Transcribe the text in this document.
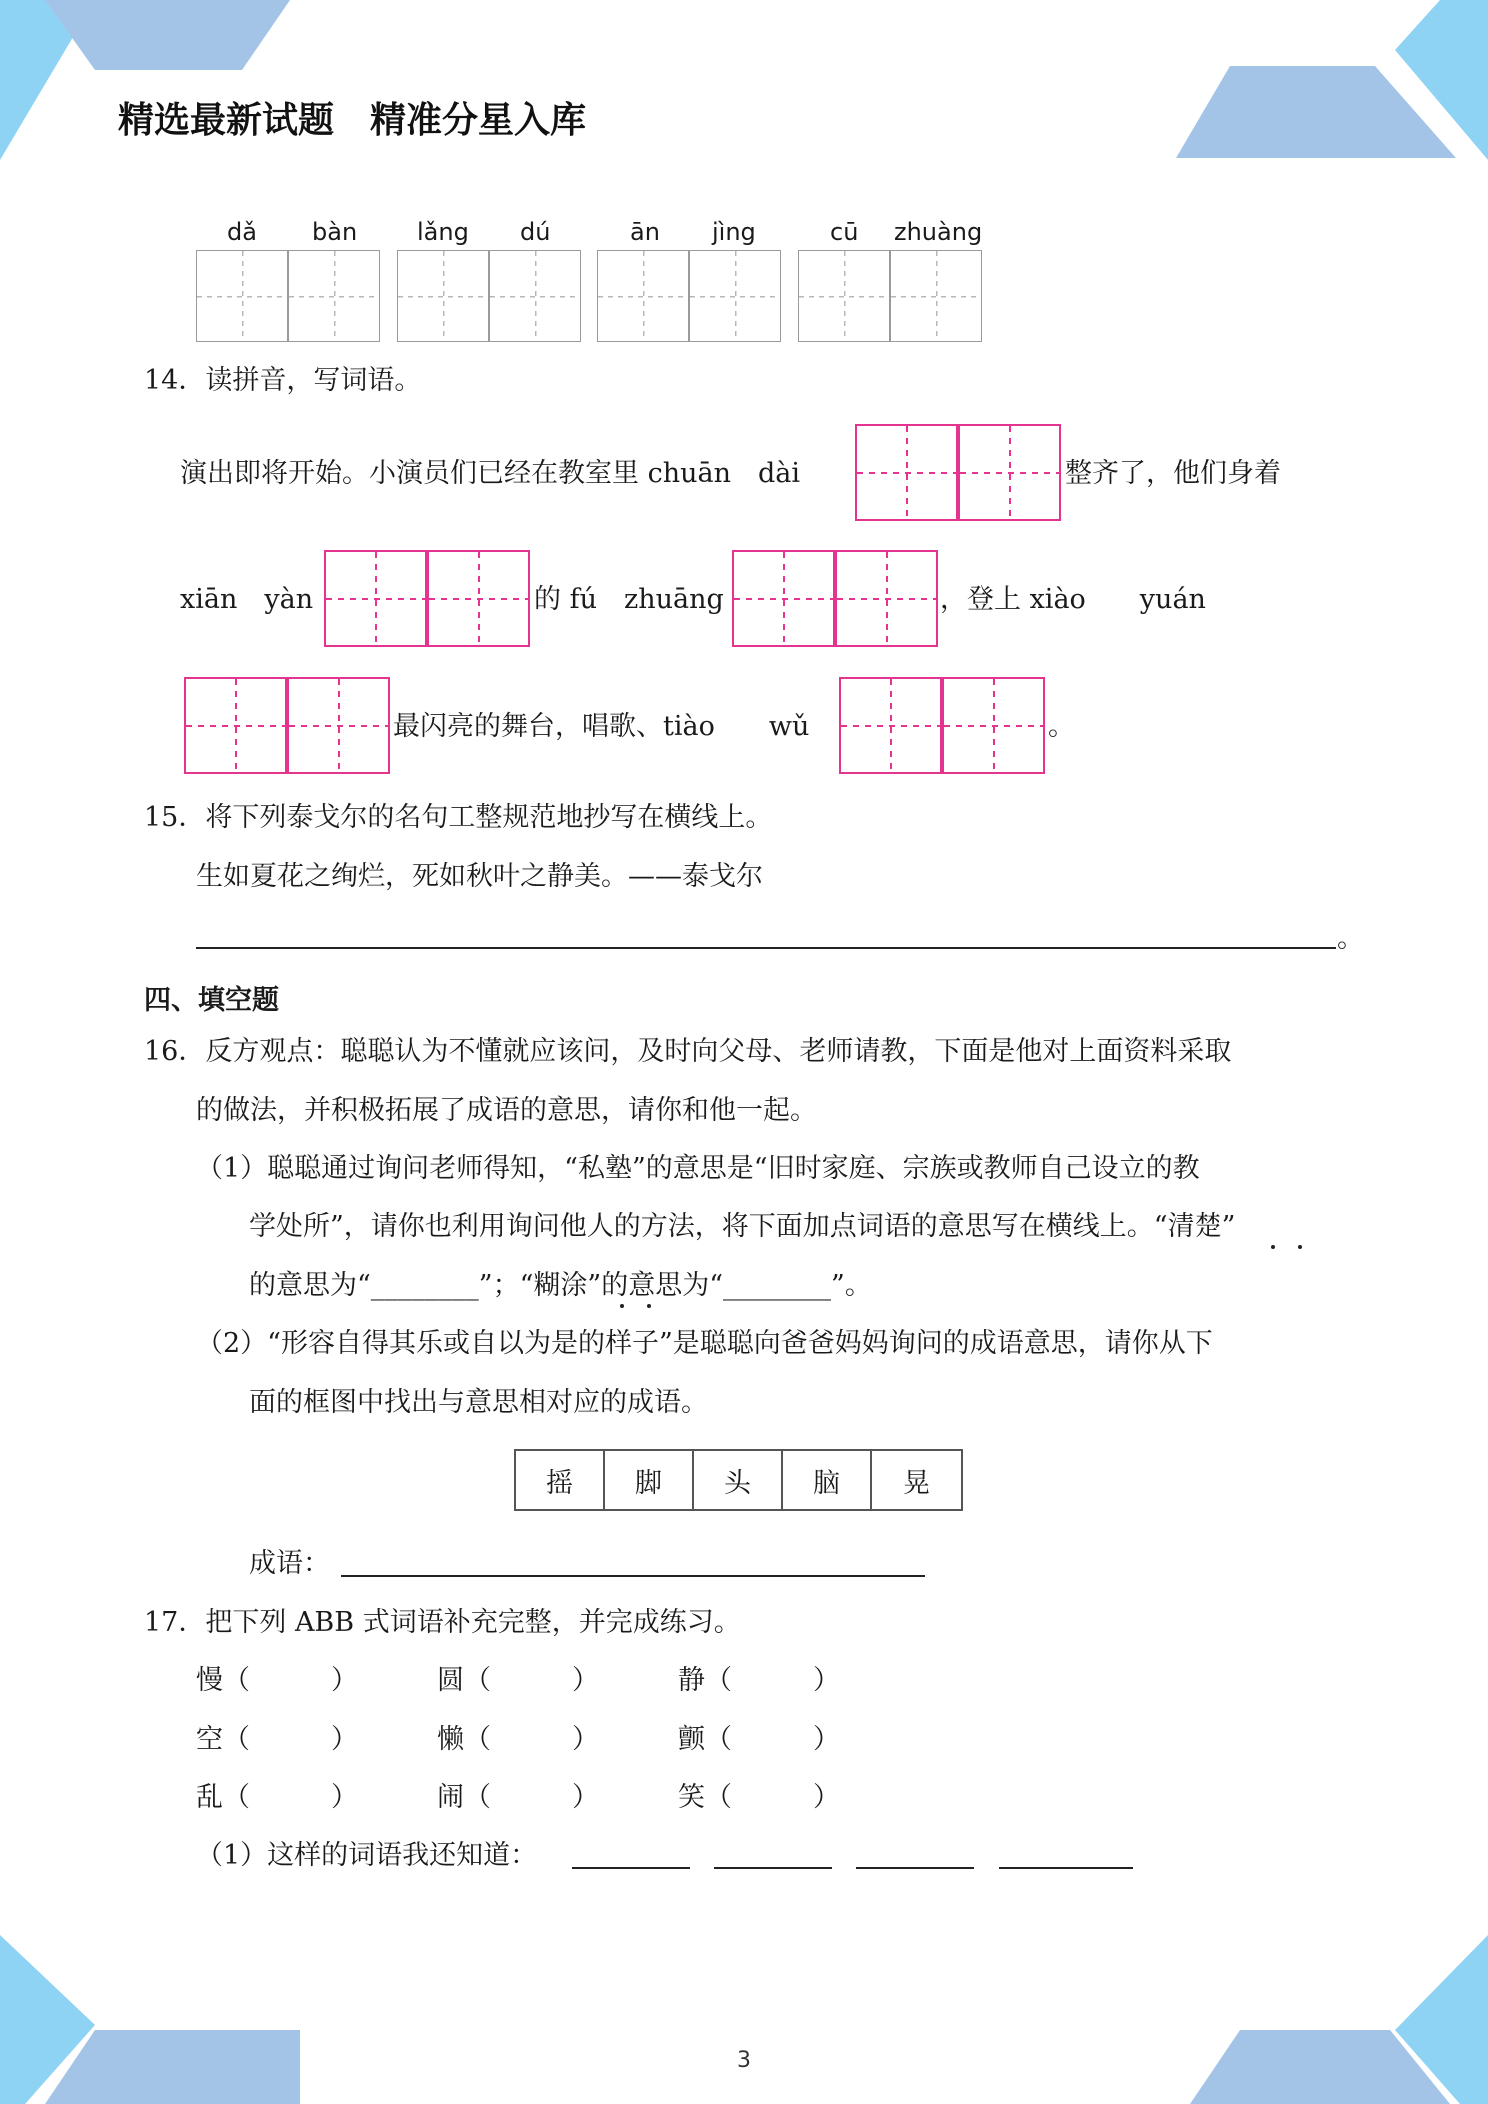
精选最新试题　精准分星入库
dǎ bàn lǎng dú	ān jìng	cū zhuàng
14．读拼音，写词语。
演出即将开始。小演员们已经在教室里 chuān　dài	整齐了，他们身着
xiān　yàn	的 fú　zhuāng	，登上 xiào　　yuán
最闪亮的舞台，唱歌、tiào　　wǔ	。
15．将下列泰戈尔的名句工整规范地抄写在横线上。
生如夏花之绚烂，死如秋叶之静美。——泰戈尔
。
四、填空题
16．反方观点：聪聪认为不懂就应该问，及时向父母、老师请教，下面是他对上面资料采取
的做法，并积极拓展了成语的意思，请你和他一起。
（1）聪聪通过询问老师得知，“私塾”的意思是“旧时家庭、宗族或教师自己设立的教
学处所”，请你也利用询问他人的方法，将下面加点词语的意思写在横线上。“清楚”
的意思为“________”；“糊涂”的意思为“________”。
（2）“形容自得其乐或自以为是的样子”是聪聪向爸爸妈妈询问的成语意思，请你从下
面的框图中找出与意思相对应的成语。
摇	脚	头	脑	晃
成语：
17．把下列 ABB 式词语补充完整，并完成练习。
慢（　　　）	圆（　　　）	静（　　　）
空（　　　）	懒（　　　）	颤（　　　）
乱（　　　）	闹（　　　）	笑（　　　）
（1）这样的词语我还知道：
3
